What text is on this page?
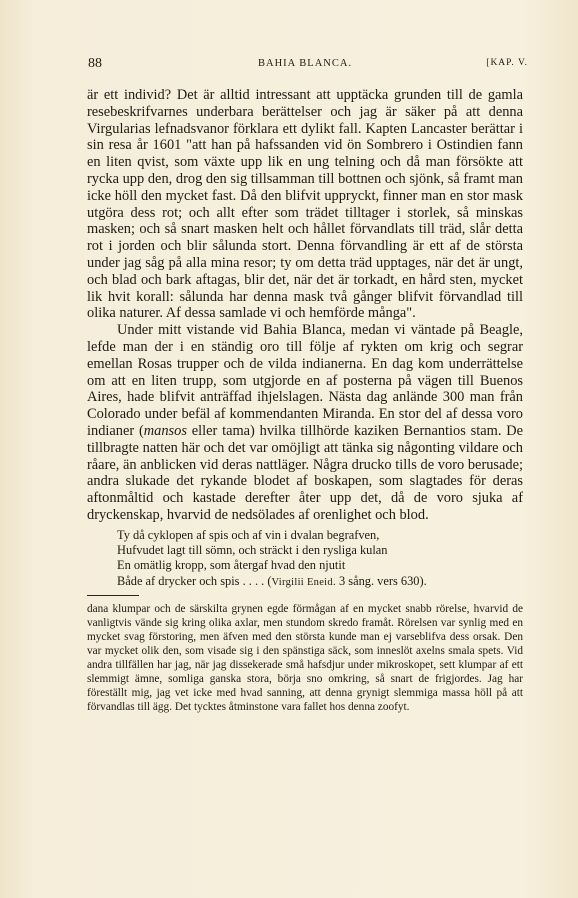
88	BAHIA BLANCA.	[KAP. V.

är ett individ? Det är alltid intressant att upptäcka grunden till de gamla resebeskrifvarnes underbara berättelser och jag är säker på att denna Virgularias lefnadsvanor förklara ett dylikt fall. Kapten Lancaster berättar i sin resa år 1601 "att han på hafssanden vid ön Sombrero i Ostindien fann en liten qvist, som växte upp lik en ung telning och då man försökte att rycka upp den, drog den sig tillsamman till bottnen och sjönk, så framt man icke höll den mycket fast. Då den blifvit uppryckt, finner man en stor mask utgöra dess rot; och allt efter som trädet tilltager i storlek, så minskas masken; och så snart masken helt och hållet förvandlats till träd, slår detta rot i jorden och blir sålunda stort. Denna förvandling är ett af de största under jag såg på alla mina resor; ty om detta träd upptages, när det är ungt, och blad och bark aftagas, blir det, när det är torkadt, en hård sten, mycket lik hvit korall: sålunda har denna mask två gånger blifvit förvandlad till olika naturer. Af dessa samlade vi och hemförde många".

Under mitt vistande vid Bahia Blanca, medan vi väntade på Beagle, lefde man der i en ständig oro till följe af rykten om krig och segrar emellan Rosas trupper och de vilda indianerna. En dag kom underrättelse om att en liten trupp, som utgjorde en af posterna på vägen till Buenos Aires, hade blifvit anträffad ihjelslagen. Nästa dag anlände 300 man från Colorado under befäl af kommendanten Miranda. En stor del af dessa voro indianer (mansos eller tama) hvilka tillhörde kaziken Bernantios stam. De tillbragte natten här och det var omöjligt att tänka sig någonting vildare och råare, än anblicken vid deras nattläger. Några drucko tills de voro berusade; andra slukade det rykande blodet af boskapen, som slagtades för deras aftonmåltid och kastade derefter åter upp det, då de voro sjuka af dryckenskap, hvarvid de nedsölades af orenlighet och blod.

Ty då cyklopen af spis och af vin i dvalan begrafven,
Hufvudet lagt till sömn, och sträckt i den rysliga kulan
En omätlig kropp, som återgaf hvad den njutit
Både af drycker och spis . . . . (Virgilii Eneid. 3 sång. vers 630).

dana klumpar och de särskilta grynen egde förmågan af en mycket snabb rörelse, hvarvid de vanligtvis vände sig kring olika axlar, men stundom skredo framåt. Rörelsen var synlig med en mycket svag förstoring, men äfven med den största kunde man ej varseblifva dess orsak. Den var mycket olik den, som visade sig i den spänstiga säck, som inneslöt axelns smala spets. Vid andra tillfällen har jag, när jag dissekerade små hafsdjur under mikroskopet, sett klumpar af ett slemmigt ämne, somliga ganska stora, börja sno omkring, så snart de frigjordes. Jag har föreställt mig, jag vet icke med hvad sanning, att denna grynigt slemmiga massa höll på att förvandlas till ägg. Det tycktes åtminstone vara fallet hos denna zoofyt.
